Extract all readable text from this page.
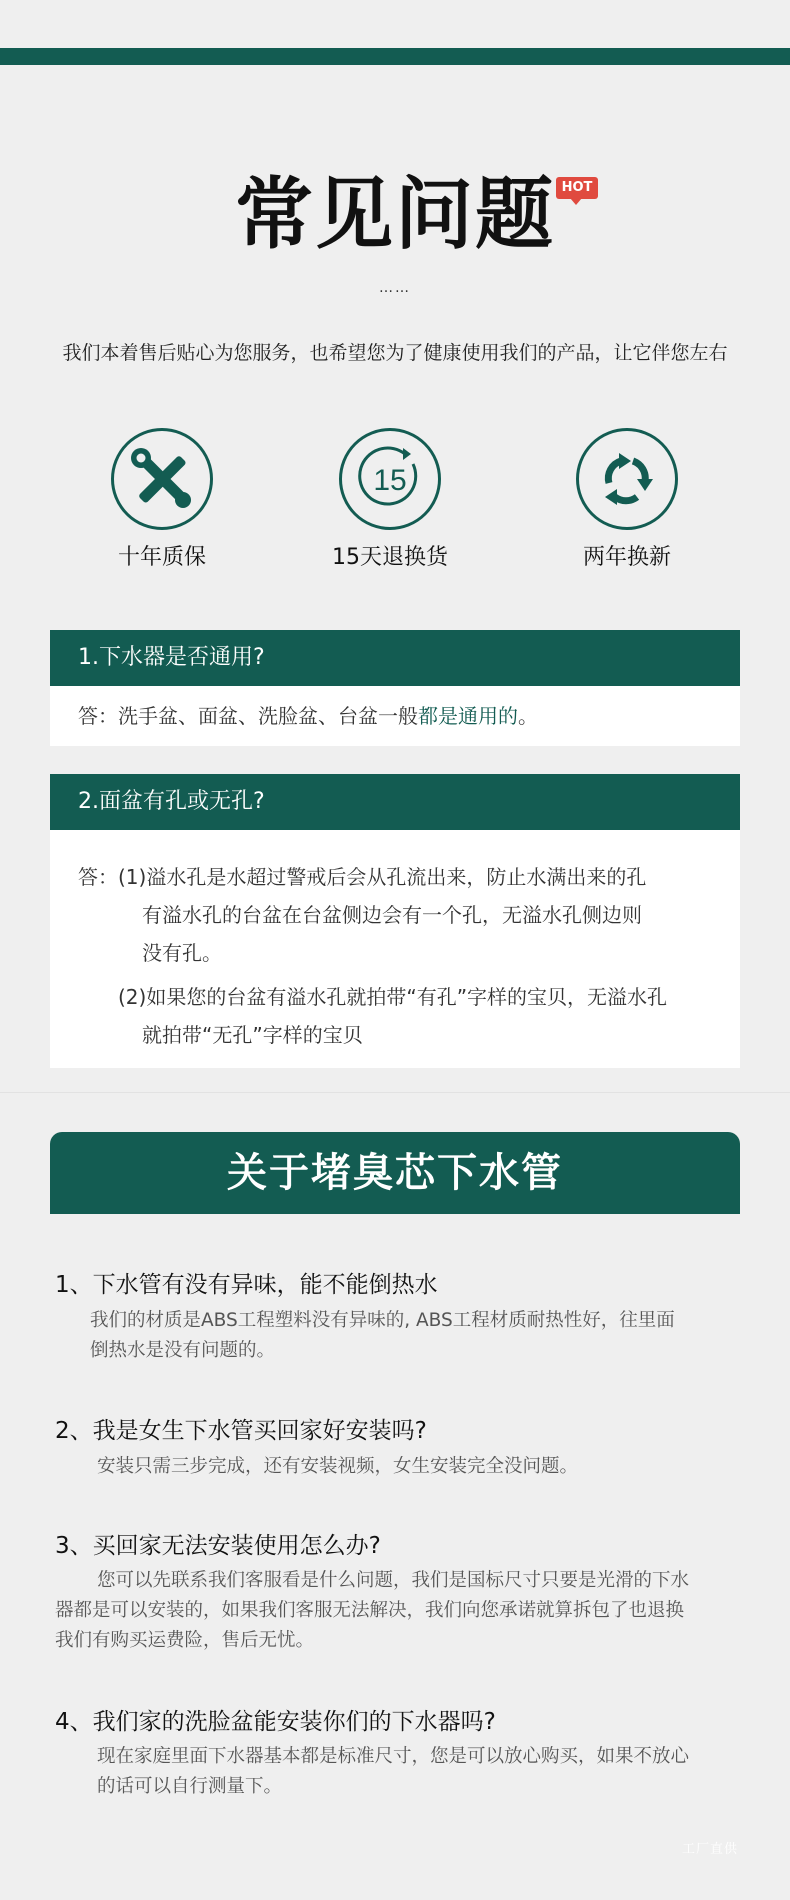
常见问题 HOT
……
我们本着售后贴心为您服务，也希望您为了健康使用我们的产品，让它伴您左右
十年质保
15
15天退换货	两年换新
1.下水器是否通用?
答：洗手盆、面盆、洗脸盆、台盆一般都是通用的。
2.面盆有孔或无孔?
答： (1)溢水孔是水超过警戒后会从孔流出来，防止水满出来的孔
有溢水孔的台盆在台盆侧边会有一个孔，无溢水孔侧边则
没有孔。
(2)如果您的台盆有溢水孔就拍带“有孔”字样的宝贝，无溢水孔
就拍带“无孔”字样的宝贝
关于堵臭芯下水管
1、下水管有没有异味，能不能倒热水
我们的材质是ABS工程塑料没有异味的, ABS工程材质耐热性好，往里面
倒热水是没有问题的。
2、我是女生下水管买回家好安装吗?
安装只需三步完成，还有安装视频，女生安装完全没问题。
3、买回家无法安装使用怎么办?
您可以先联系我们客服看是什么问题，我们是国标尺寸只要是光滑的下水
器都是可以安装的，如果我们客服无法解决，我们向您承诺就算拆包了也退换
我们有购买运费险，售后无忧。
4、我们家的洗脸盆能安装你们的下水器吗?
现在家庭里面下水器基本都是标准尺寸，您是可以放心购买，如果不放心
的话可以自行测量下。
工厂直供
